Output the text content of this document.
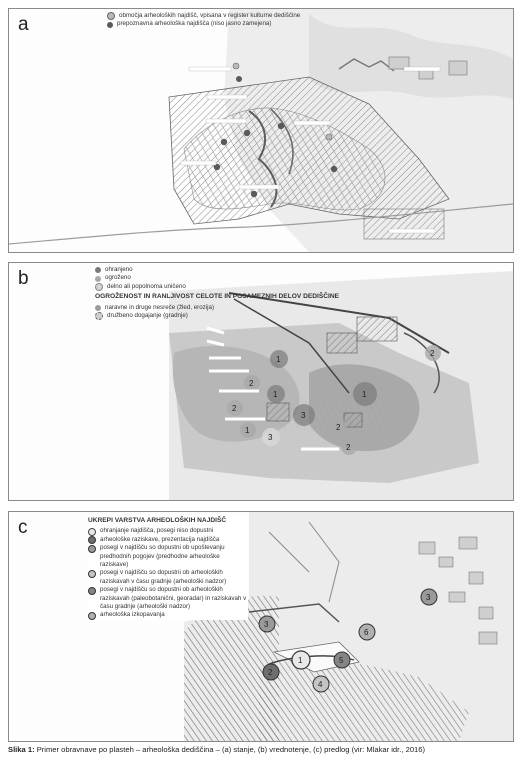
a	območja arheoloških najdišč, vpisana v register kulturne dediščine
prepoznavna arheološka najdišča (niso jasno zamejena)
1
2
1
2
3
1
2
3
1
2
2
b	ohranjeno
ogroženo
delno ali popolnoma uničeno
OGROŽENOST IN RANLJIVOST CELOTE IN POSAMEZNIH DELOV DEDIŠČINE
naravne in druge nesreče (žled, erozija)
družbeno dogajanje (gradnje)
1
2
3
4
5
6
3
c	UKREPI VARSTVA ARHEOLOŠKIH NAJDIŠČ
ohranjanje najdišča, posegi niso dopustni
arheološke raziskave, prezentacija najdišča
posegi v najdišču so dopustni ob upoštevanju predhodnih pogojev (predhodne arheološke raziskave)
posegi v najdišču so dopustni ob arheoloških raziskavah v času gradnje (arheološki nadzor)
posegi v najdišču so dopustni ob arheoloških raziskavah (paleobotanični, georadar) in raziskavah v času gradnje (arheološki nadzor)
arheološka izkopavanja
Slika 1: Primer obravnave po plasteh – arheološka dediščina – (a) stanje, (b) vrednotenje, (c) predlog (vir: Mlakar idr., 2016)
